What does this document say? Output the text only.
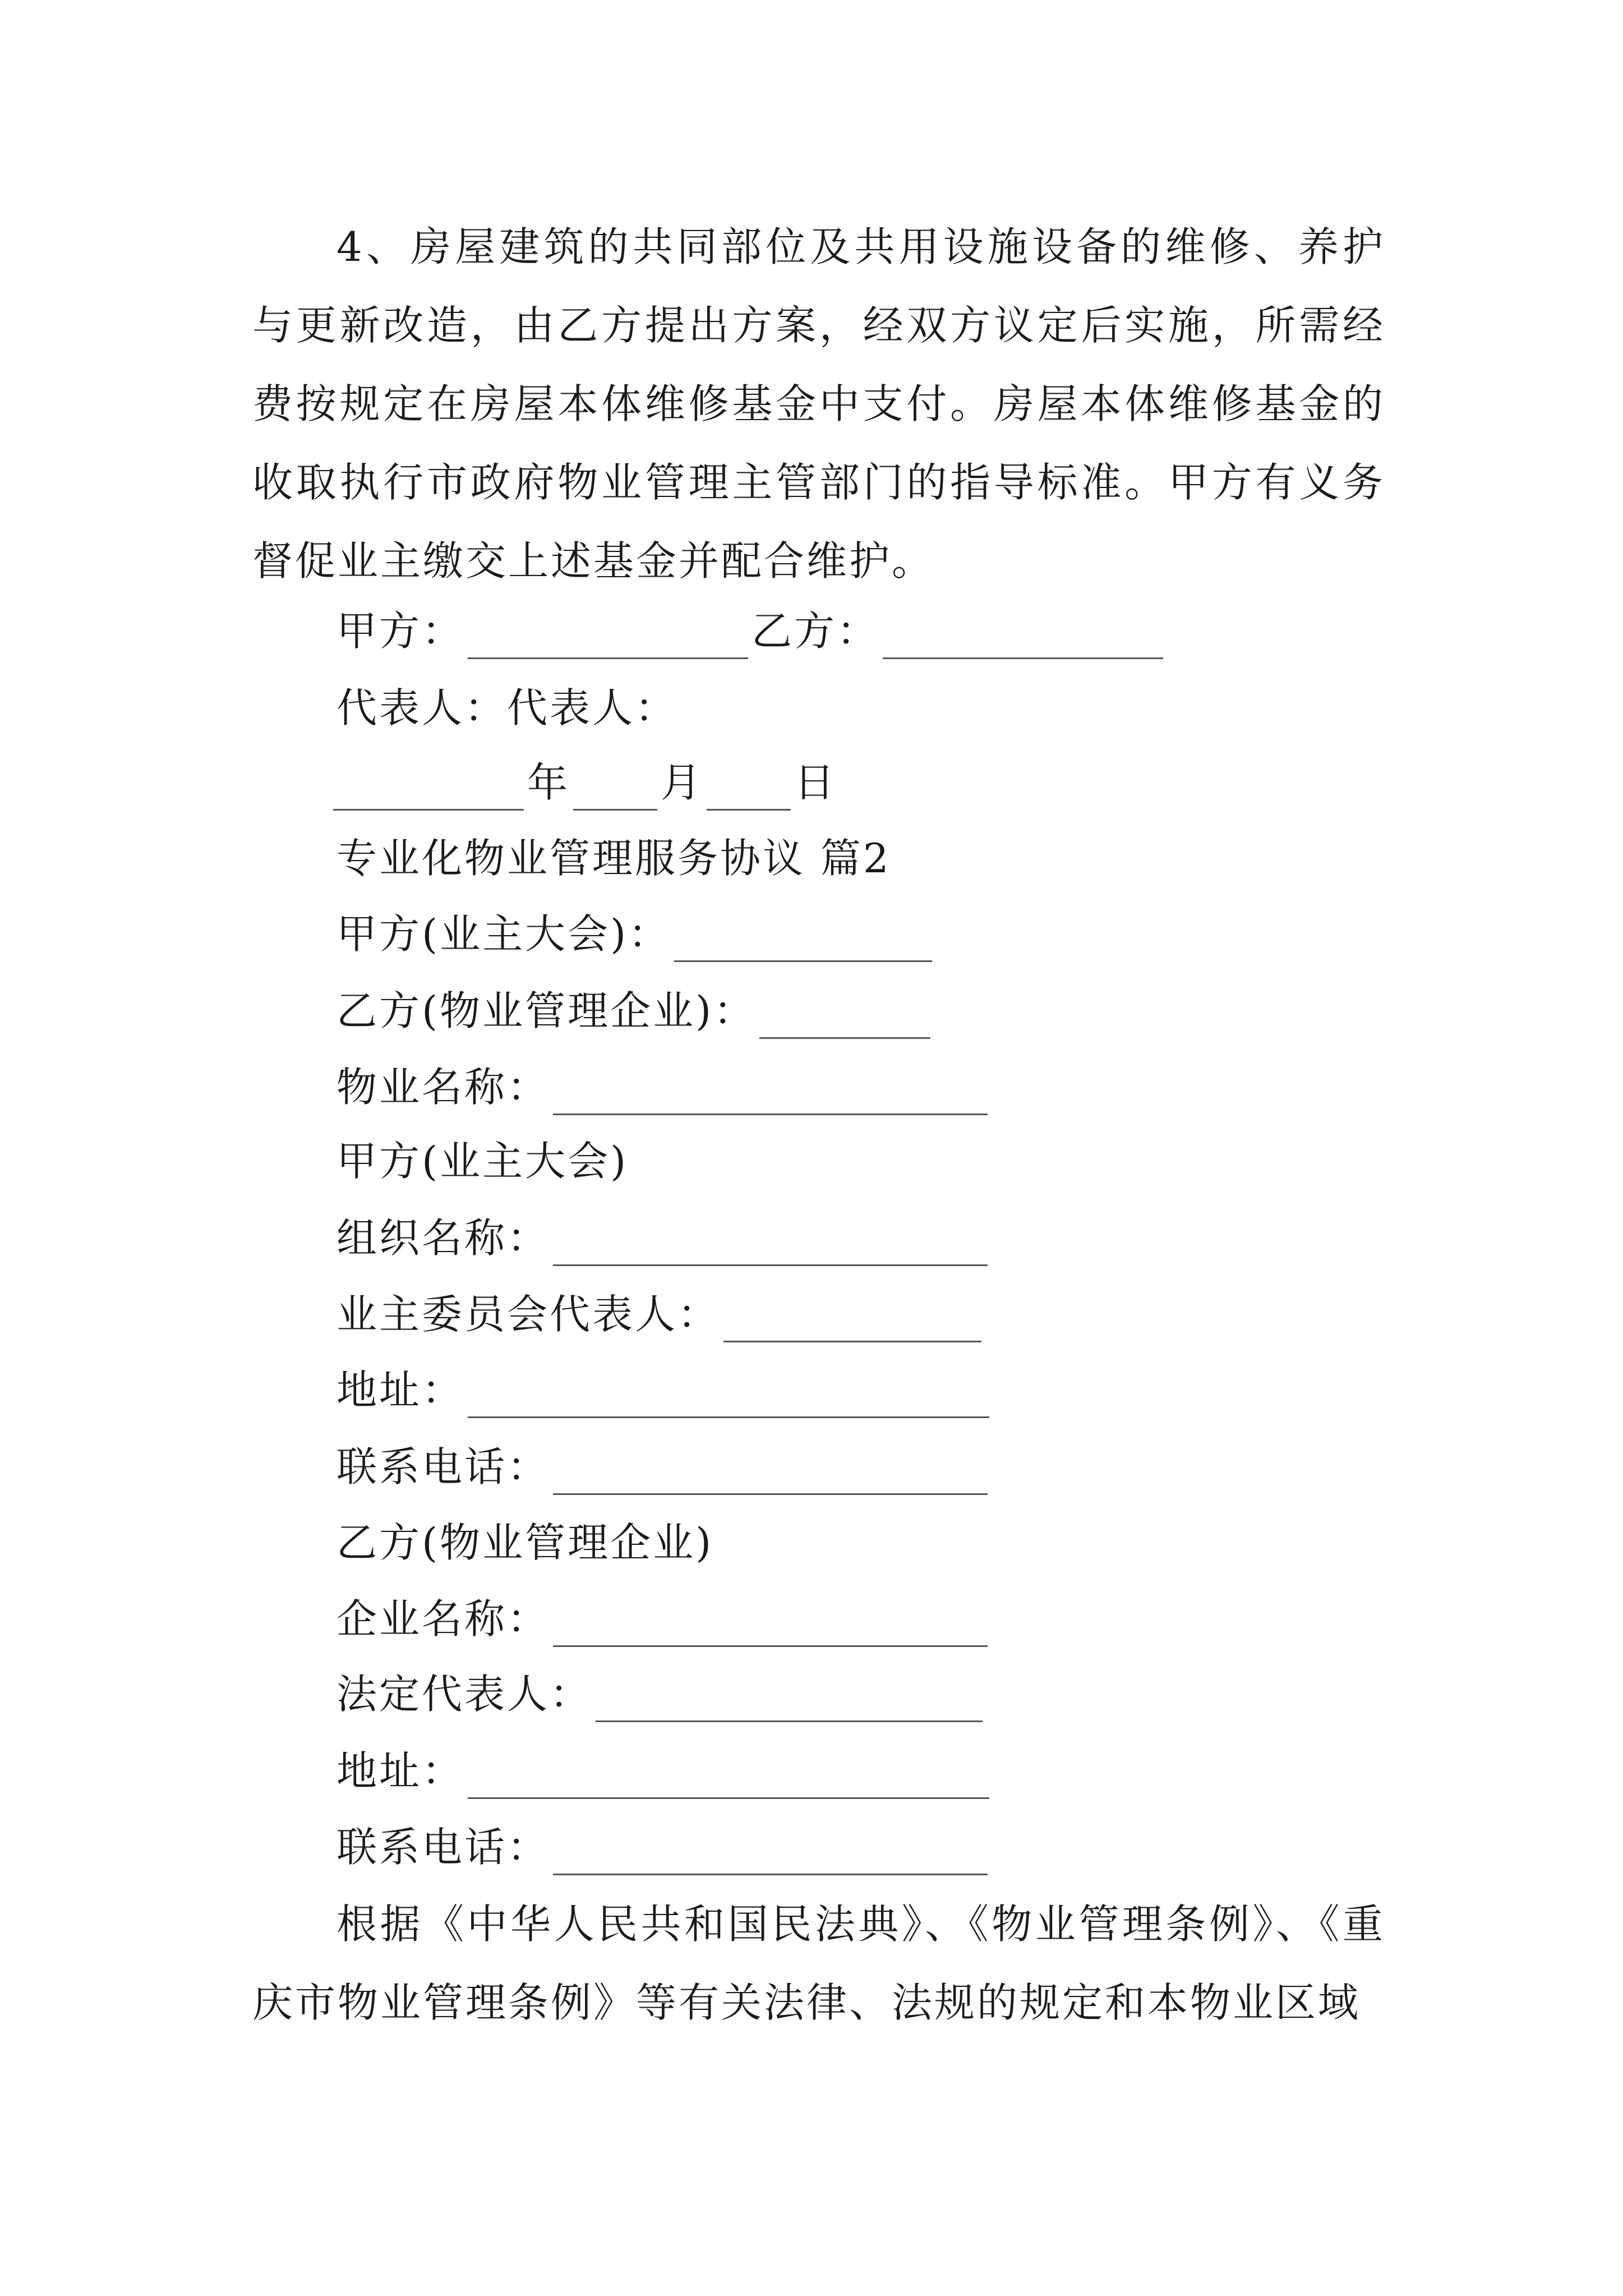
4、房屋建筑的共同部位及共用设施设备的维修、养护与更新改造，由乙方提出方案，经双方议定后实施，所需经费按规定在房屋本体维修基金中支付。房屋本体维修基金的收取执行市政府物业管理主管部门的指导标准。甲方有义务督促业主缴交上述基金并配合维护。

甲方：	乙方：
代表人：代表人：
年 月 日
专业化物业管理服务协议 篇2
甲方(业主大会)：
乙方(物业管理企业)：
物业名称：
甲方(业主大会)
组织名称：
业主委员会代表人：
地址：
联系电话：
乙方(物业管理企业)
企业名称：
法定代表人：
地址：
联系电话：

根据《中华人民共和国民法典》、《物业管理条例》、《重庆市物业管理条例》等有关法律、法规的规定和本物业区域
